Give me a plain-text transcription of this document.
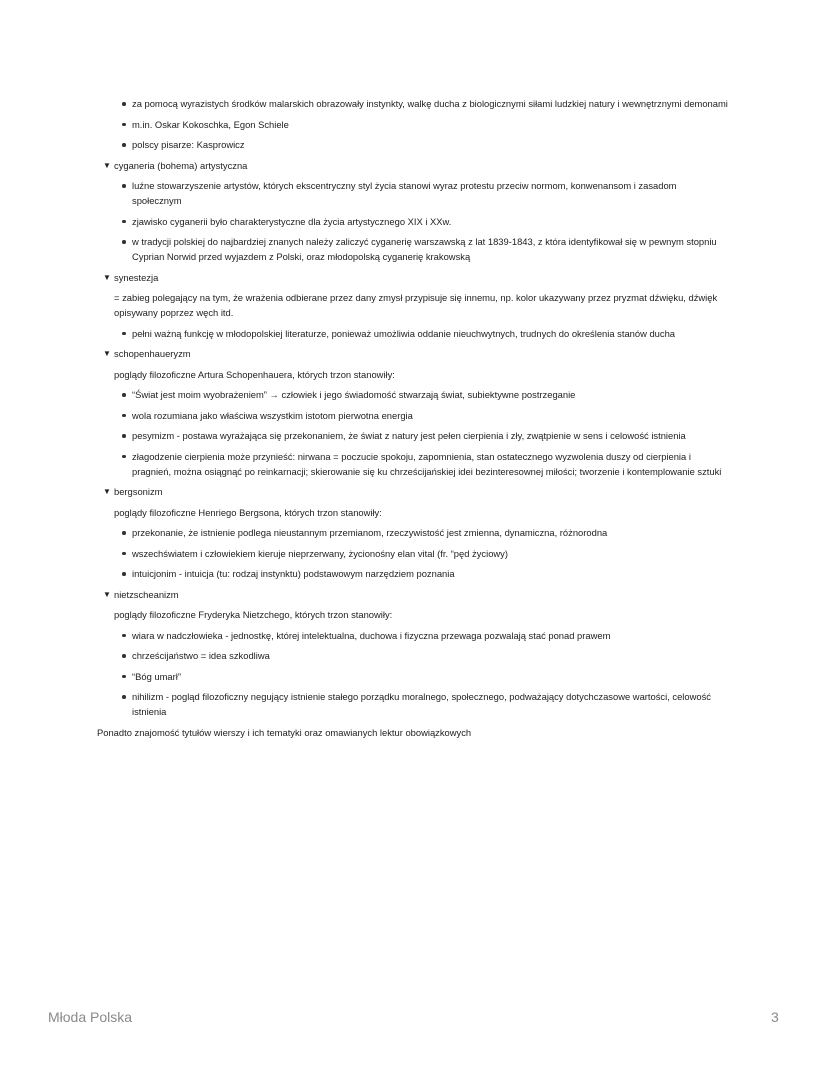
za pomocą wyrazistych środków malarskich obrazowały instynkty, walkę ducha z biologicznymi siłami ludzkiej natury i wewnętrznymi demonami
m.in. Oskar Kokoschka, Egon Schiele
polscy pisarze: Kasprowicz
▼ cyganeria (bohema) artystyczna
luźne stowarzyszenie artystów, których ekscentryczny styl życia stanowi wyraz protestu przeciw normom, konwenansom i zasadom społecznym
zjawisko cyganerii było charakterystyczne dla życia artystycznego XIX i XXw.
w tradycji polskiej do najbardziej znanych należy zaliczyć cyganerię warszawską z lat 1839-1843, z która identyfikował się w pewnym stopniu Cyprian Norwid przed wyjazdem z Polski, oraz młodopolską cyganerię krakowską
▼ synestezja
= zabieg polegający na tym, że wrażenia odbierane przez dany zmysł przypisuje się innemu, np. kolor ukazywany przez pryzmat dźwięku, dźwięk opisywany poprzez węch itd.
pełni ważną funkcję w młodopolskiej literaturze, ponieważ umożliwia oddanie nieuchwytnych, trudnych do określenia stanów ducha
▼ schopenhaueryzm
poglądy filozoficzne Artura Schopenhauera, których trzon stanowiły:
“Świat jest moim wyobrażeniem” → człowiek i jego świadomość stwarzają świat, subiektywne postrzeganie
wola rozumiana jako właściwa wszystkim istotom pierwotna energia
pesymizm - postawa wyrażająca się przekonaniem, że świat z natury jest pełen cierpienia i zły, zwątpienie w sens i celowość istnienia
złagodzenie cierpienia może przynieść: nirwana = poczucie spokoju, zapomnienia, stan ostatecznego wyzwolenia duszy od cierpienia i pragnień, można osiągnąć po reinkarnacji; skierowanie się ku chrześcijańskiej idei bezinteresownej miłości; tworzenie i kontemplowanie sztuki
▼ bergsonizm
poglądy filozoficzne Henriego Bergsona, których trzon stanowiły:
przekonanie, że istnienie podlega nieustannym przemianom, rzeczywistość jest zmienna, dynamiczna, różnorodna
wszechświatem i człowiekiem kieruje nieprzerwany, życionośny elan vital (fr. “pęd życiowy)
intuicjonim - intuicja (tu: rodzaj instynktu) podstawowym narzędziem poznania
▼ nietzscheanizm
poglądy filozoficzne Fryderyka Nietzchego, których trzon stanowiły:
wiara w nadczłowieka - jednostkę, której intelektualna, duchowa i fizyczna przewaga pozwalają stać ponad prawem
chrześcijaństwo = idea szkodliwa
“Bóg umarł”
nihilizm - pogląd filozoficzny negujący istnienie stałego porządku moralnego, społecznego, podważający dotychczasowe wartości, celowość istnienia
Ponadto znajomość tytułów wierszy i ich tematyki oraz omawianych lektur obowiązkowych
Młoda Polska	3
